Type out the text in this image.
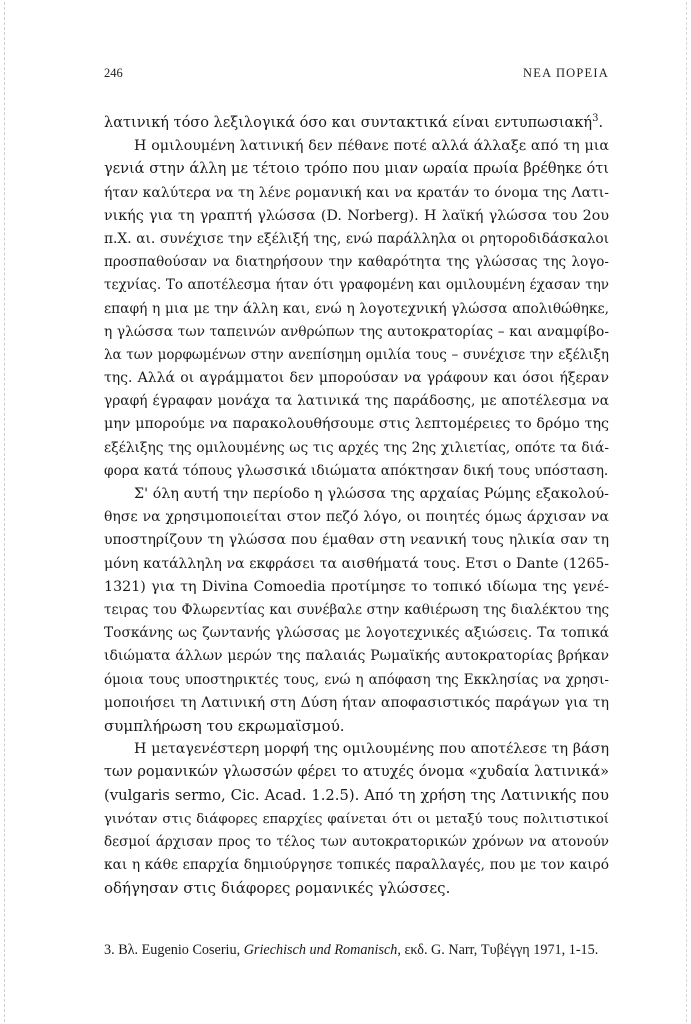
246	ΝΕΑ ΠΟΡΕΙΑ
λατινική τόσο λεξιλογικά όσο και συντακτικά είναι εντυπωσιακή$^3$.
Η ομιλουμένη λατινική δεν πέθανε ποτέ αλλά άλλαξε από τη μια
γενιά στην άλλη με τέτοιο τρόπο που μιαν ωραία πρωία βρέθηκε ότι
ήταν καλύτερα να τη λένε ρομανική και να κρατάν το όνομα της Λατι-
νικής για τη γραπτή γλώσσα (D. Norberg). Η λαϊκή γλώσσα του 2ου
π.Χ. αι. συνέχισε την εξέλιξή της, ενώ παράλληλα οι ρητοροδιδάσκαλοι
προσπαθούσαν να διατηρήσουν την καθαρότητα της γλώσσας της λογο-
τεχνίας. Το αποτέλεσμα ήταν ότι γραφομένη και ομιλουμένη έχασαν την
επαφή η μια με την άλλη και, ενώ η λογοτεχνική γλώσσα απολιθώθηκε,
η γλώσσα των ταπεινών ανθρώπων της αυτοκρατορίας – και αναμφίβο-
λα των μορφωμένων στην ανεπίσημη ομιλία τους – συνέχισε την εξέλιξη
της. Αλλά οι αγράμματοι δεν μπορούσαν να γράφουν και όσοι ήξεραν
γραφή έγραφαν μονάχα τα λατινικά της παράδοσης, με αποτέλεσμα να
μην μπορούμε να παρακολουθήσουμε στις λεπτομέρειες το δρόμο της
εξέλιξης της ομιλουμένης ως τις αρχές της 2ης χιλιετίας, οπότε τα διά-
φορα κατά τόπους γλωσσικά ιδιώματα απόκτησαν δική τους υπόσταση.
Σ' όλη αυτή την περίοδο η γλώσσα της αρχαίας Ρώμης εξακολού-
θησε να χρησιμοποιείται στον πεζό λόγο, οι ποιητές όμως άρχισαν να
υποστηρίζουν τη γλώσσα που έμαθαν στη νεανική τους ηλικία σαν τη
μόνη κατάλληλη να εκφράσει τα αισθήματά τους. Ετσι ο Dante (1265-
1321) για τη Divina Comoedia προτίμησε το τοπικό ιδίωμα της γενέ-
τειρας του Φλωρεντίας και συνέβαλε στην καθιέρωση της διαλέκτου της
Τοσκάνης ως ζωντανής γλώσσας με λογοτεχνικές αξιώσεις. Τα τοπικά
ιδιώματα άλλων μερών της παλαιάς Ρωμαϊκής αυτοκρατορίας βρήκαν
όμοια τους υποστηρικτές τους, ενώ η απόφαση της Εκκλησίας να χρησι-
μοποιήσει τη Λατινική στη Δύση ήταν αποφασιστικός παράγων για τη
συμπλήρωση του εκρωμαϊσμού.
Η μεταγενέστερη μορφή της ομιλουμένης που αποτέλεσε τη βάση
των ρομανικών γλωσσών φέρει το ατυχές όνομα «χυδαία λατινικά»
(vulgaris sermo, Cic. Acad. 1.2.5). Από τη χρήση της Λατινικής που
γινόταν στις διάφορες επαρχίες φαίνεται ότι οι μεταξύ τους πολιτιστικοί
δεσμοί άρχισαν προς το τέλος των αυτοκρατορικών χρόνων να ατονούν
και η κάθε επαρχία δημιούργησε τοπικές παραλλαγές, που με τον καιρό
οδήγησαν στις διάφορες ρομανικές γλώσσες.
3. Βλ. Eugenio Coseriu, Griechisch und Romanisch, εκδ. G. Narr, Τυβέγγη 1971, 1-15.
